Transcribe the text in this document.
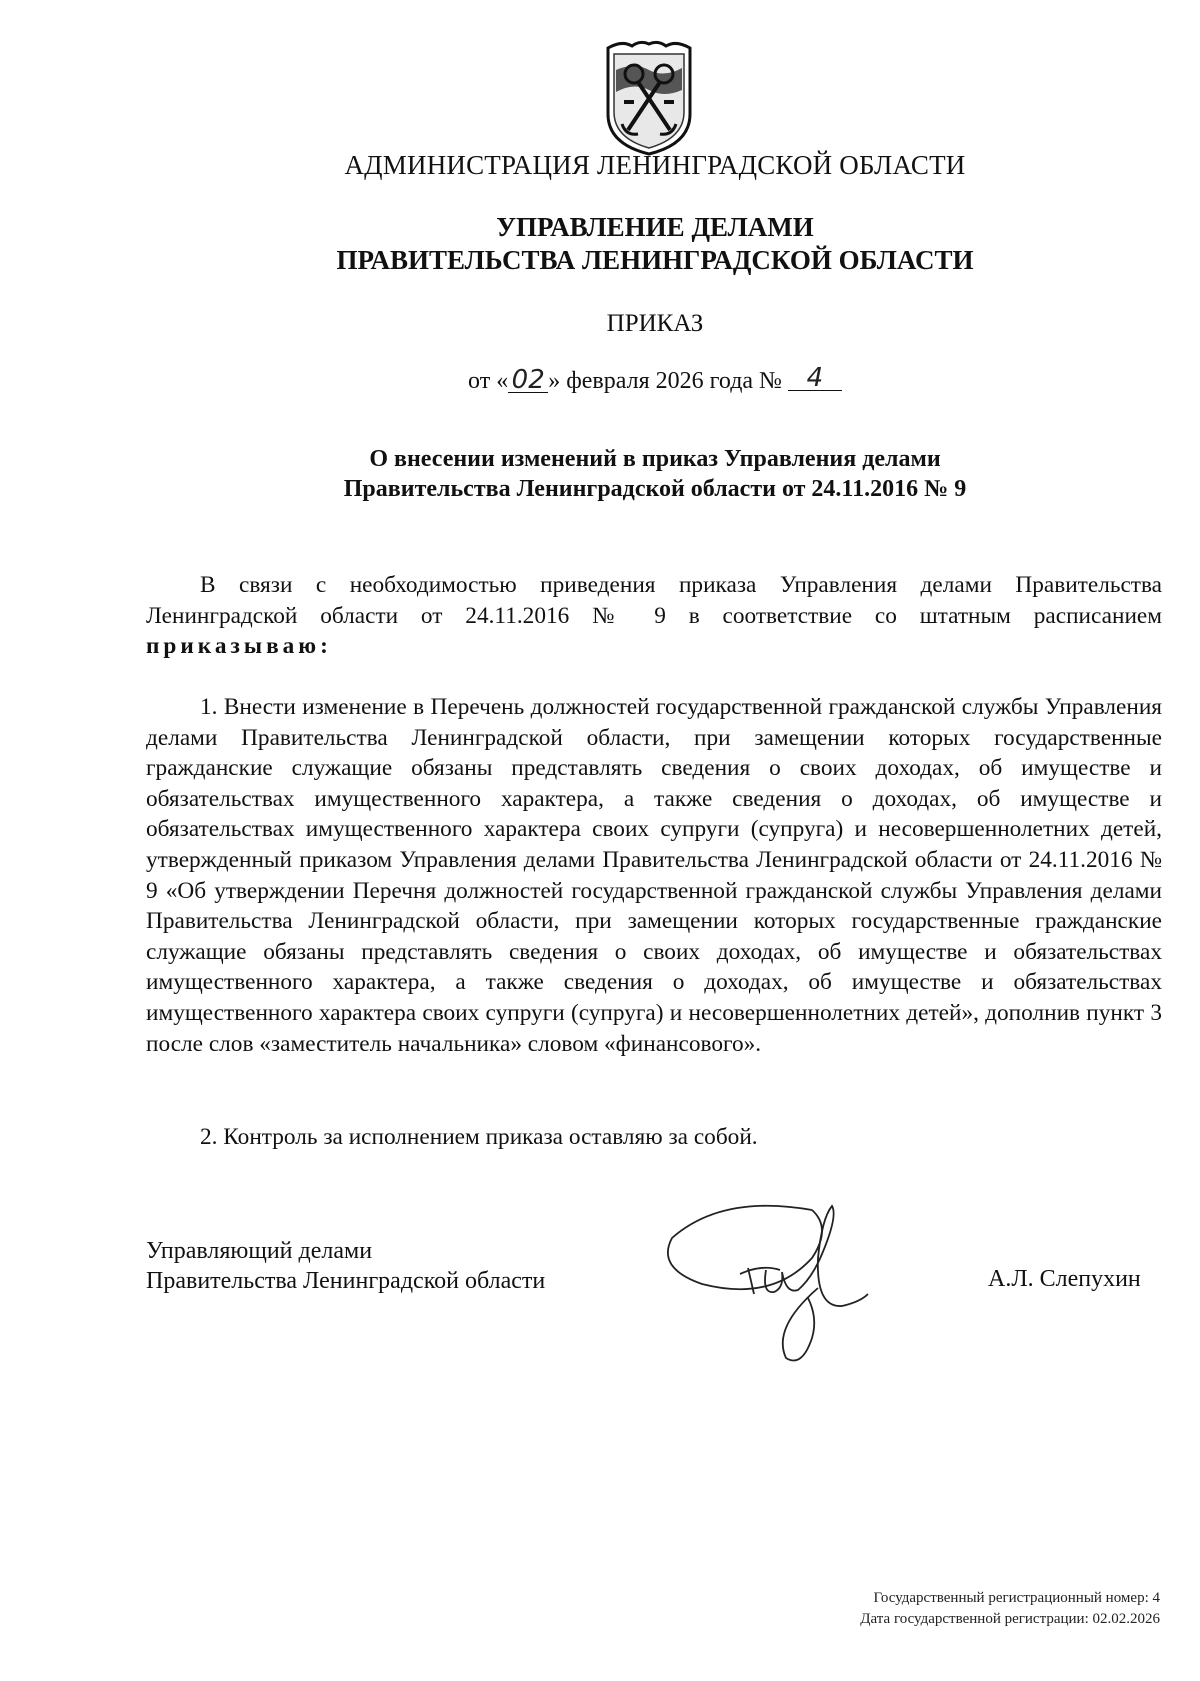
АДМИНИСТРАЦИЯ ЛЕНИНГРАДСКОЙ ОБЛАСТИ
УПРАВЛЕНИЕ ДЕЛАМИ
ПРАВИТЕЛЬСТВА ЛЕНИНГРАДСКОЙ ОБЛАСТИ
ПРИКАЗ
от « 02 » февраля 2026 года № 4
О внесении изменений в приказ Управления делами
Правительства Ленинградской области от 24.11.2016 № 9

В связи с необходимостью приведения приказа Управления делами Правительства Ленинградской области от 24.11.2016 № 9 в соответствие со штатным расписанием приказываю:

1. Внести изменение в Перечень должностей государственной гражданской службы Управления делами Правительства Ленинградской области, при замещении которых государственные гражданские служащие обязаны представлять сведения о своих доходах, об имуществе и обязательствах имущественного характера, а также сведения о доходах, об имуществе и обязательствах имущественного характера своих супруги (супруга) и несовершеннолетних детей, утвержденный приказом Управления делами Правительства Ленинградской области от 24.11.2016 № 9 «Об утверждении Перечня должностей государственной гражданской службы Управления делами Правительства Ленинградской области, при замещении которых государственные гражданские служащие обязаны представлять сведения о своих доходах, об имуществе и обязательствах имущественного характера, а также сведения о доходах, об имуществе и обязательствах имущественного характера своих супруги (супруга) и несовершеннолетних детей», дополнив пункт 3 после слов «заместитель начальника» словом «финансового».

2. Контроль за исполнением приказа оставляю за собой.

Управляющий делами
Правительства Ленинградской области	А.Л. Слепухин
Государственный регистрационный номер: 4
Дата государственной регистрации: 02.02.2026
